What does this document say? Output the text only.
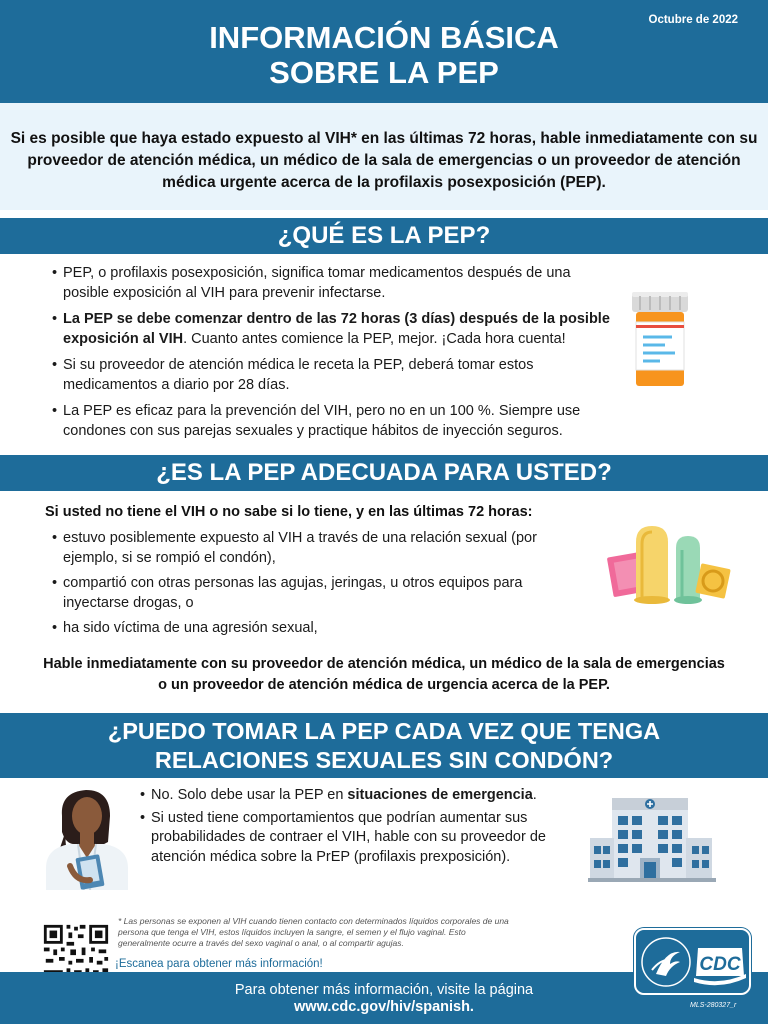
Octubre de 2022
INFORMACIÓN BÁSICA
SOBRE LA PEP

Si es posible que haya estado expuesto al VIH* en las últimas 72 horas, hable inmediatamente con su proveedor de atención médica, un médico de la sala de emergencias o un proveedor de atención médica urgente acerca de la profilaxis posexposición (PEP).

¿QUÉ ES LA PEP?
• PEP, o profilaxis posexposición, significa tomar medicamentos después de una posible exposición al VIH para prevenir infectarse.
• La PEP se debe comenzar dentro de las 72 horas (3 días) después de la posible exposición al VIH. Cuanto antes comience la PEP, mejor. ¡Cada hora cuenta!
• Si su proveedor de atención médica le receta la PEP, deberá tomar estos medicamentos a diario por 28 días.
• La PEP es eficaz para la prevención del VIH, pero no en un 100 %. Siempre use condones con sus parejas sexuales y practique hábitos de inyección seguros.
¿ES LA PEP ADECUADA PARA USTED?

Si usted no tiene el VIH o no sabe si lo tiene, y en las últimas 72 horas:

• estuvo posiblemente expuesto al VIH a través de una relación sexual (por ejemplo, si se rompió el condón),
• compartió con otras personas las agujas, jeringas, u otros equipos para inyectarse drogas, o
• ha sido víctima de una agresión sexual,

Hable inmediatamente con su proveedor de atención médica, un médico de la sala de emergencias
o un proveedor de atención médica de urgencia acerca de la PEP.

¿PUEDO TOMAR LA PEP CADA VEZ QUE TENGA
RELACIONES SEXUALES SIN CONDÓN?
• No. Solo debe usar la PEP en situaciones de emergencia.
• Si usted tiene comportamientos que podrían aumentar sus probabilidades de contraer el VIH, hable con su proveedor de atención médica sobre la PrEP (profilaxis prexposición).

* Las personas se exponen al VIH cuando tienen contacto con determinados líquidos corporales de una persona que tenga el VIH, estos líquidos incluyen la sangre, el semen y el flujo vaginal. Esto generalmente ocurre a través del sexo vaginal o anal, o al compartir agujas.

¡Escanea para obtener más información!

Para obtener más información, visite la página

www.cdc.gov/hiv/spanish.
CDC
MLS-280327_r
